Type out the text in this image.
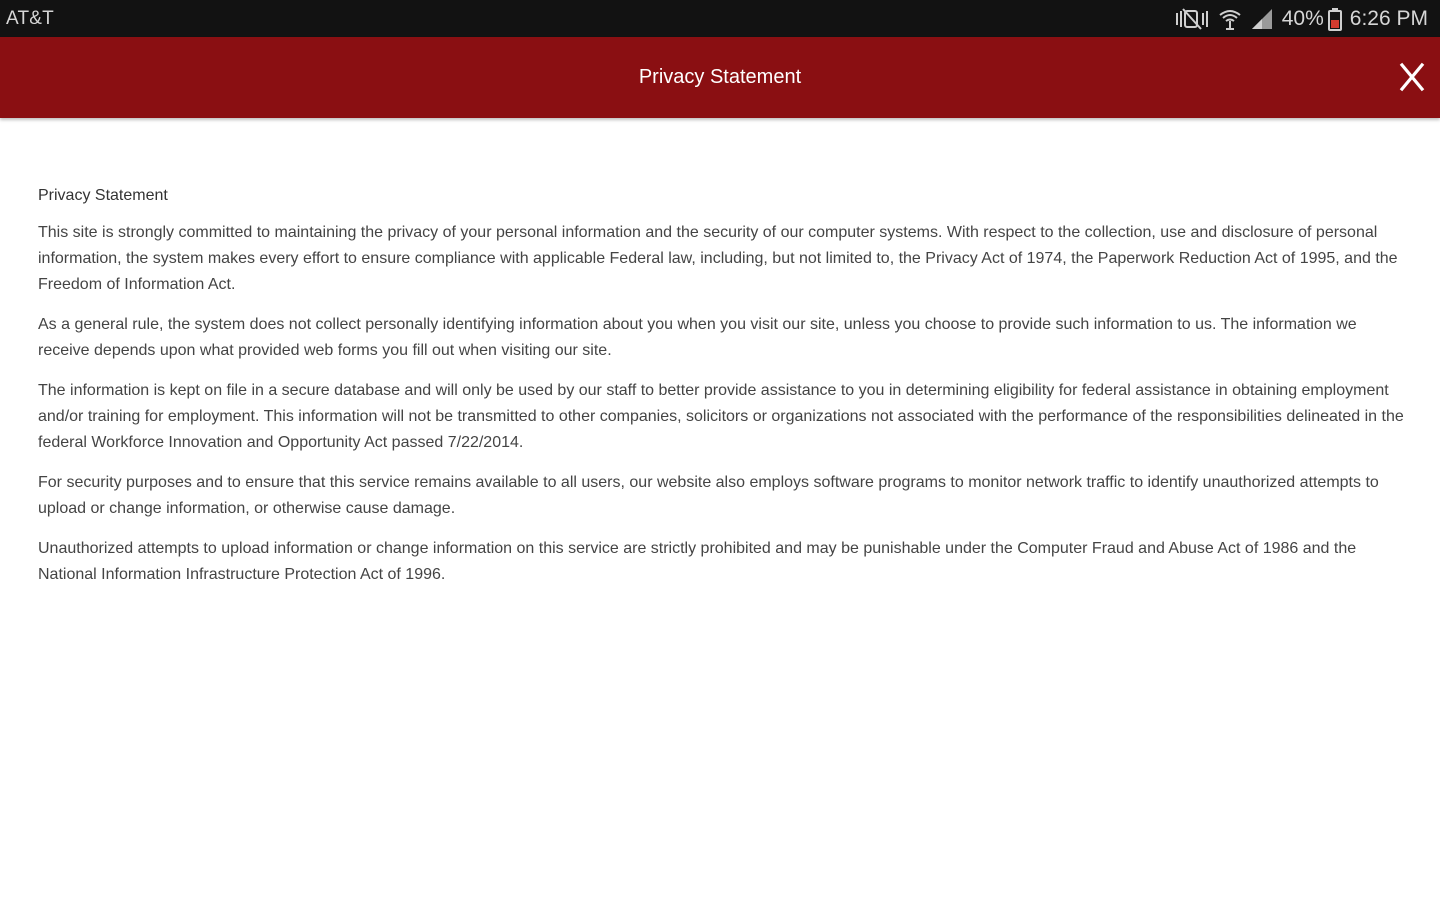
AT&T	40% 6:26 PM
Privacy Statement
Privacy Statement

This site is strongly committed to maintaining the privacy of your personal information and the security of our computer systems. With respect to the collection, use and disclosure of personal information, the system makes every effort to ensure compliance with applicable Federal law, including, but not limited to, the Privacy Act of 1974, the Paperwork Reduction Act of 1995, and the Freedom of Information Act.

As a general rule, the system does not collect personally identifying information about you when you visit our site, unless you choose to provide such information to us. The information we receive depends upon what provided web forms you fill out when visiting our site.

The information is kept on file in a secure database and will only be used by our staff to better provide assistance to you in determining eligibility for federal assistance in obtaining employment and/or training for employment. This information will not be transmitted to other companies, solicitors or organizations not associated with the performance of the responsibilities delineated in the federal Workforce Innovation and Opportunity Act passed 7/22/2014.

For security purposes and to ensure that this service remains available to all users, our website also employs software programs to monitor network traffic to identify unauthorized attempts to upload or change information, or otherwise cause damage.

Unauthorized attempts to upload information or change information on this service are strictly prohibited and may be punishable under the Computer Fraud and Abuse Act of 1986 and the National Information Infrastructure Protection Act of 1996.
